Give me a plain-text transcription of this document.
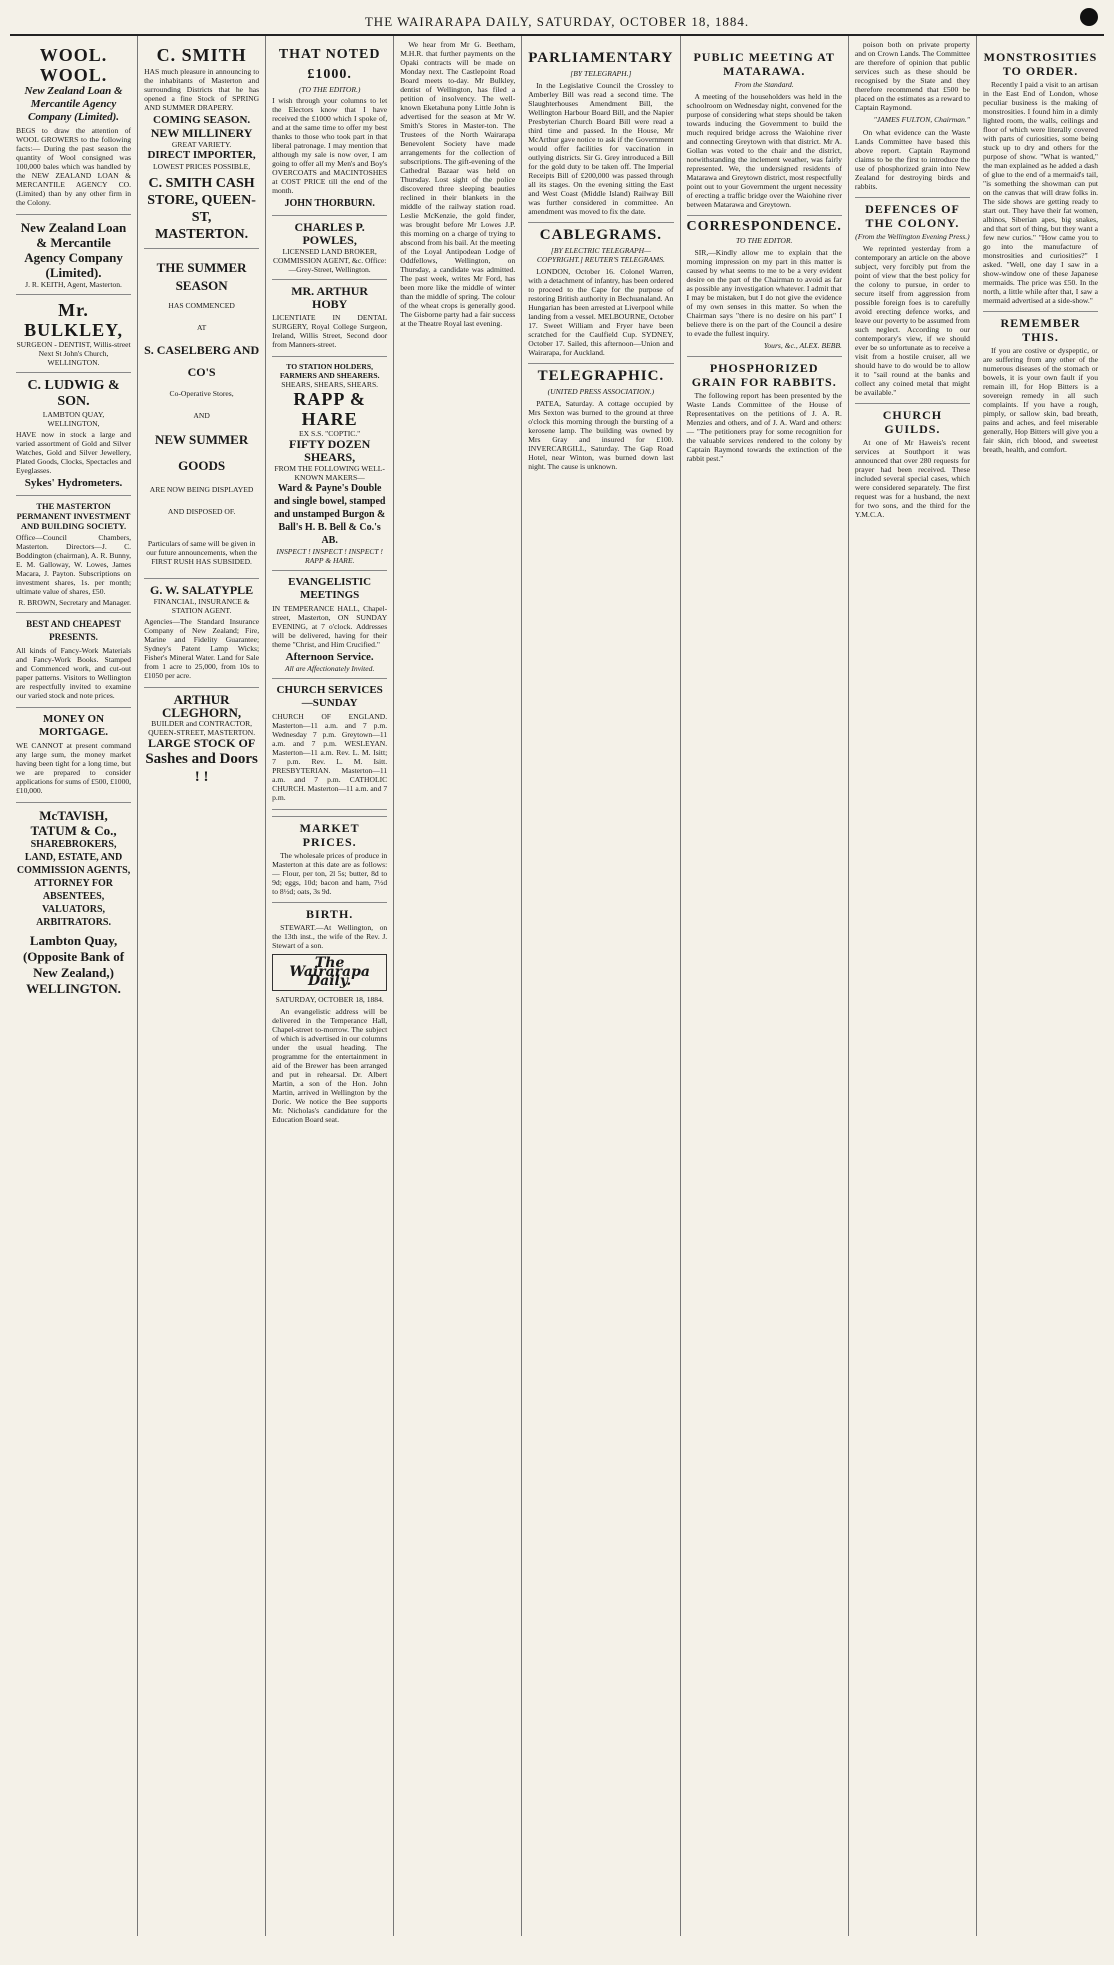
THE WAIRARAPA DAILY, SATURDAY, OCTOBER 18, 1884.
WOOL. WOOL.
New Zealand Loan & Mercantile Agency Company (Limited).

BEGS to draw the attention of WOOL GROWERS to the following facts:— During the past season the quantity of Wool consigned was 100,000 bales which was handled by the NEW ZEALAND LOAN & MERCANTILE AGENCY CO. (Limited) than by any other firm in the Colony.

New Zealand Loan & Mercantile Agency Company (Limited).
J. R. KEITH, Agent, Masterton.
Mr. BULKLEY,
SURGEON - DENTIST, Willis-street Next St John's Church, WELLINGTON.
C. LUDWIG & SON.
LAMBTON QUAY, WELLINGTON,

HAVE now in stock a large and varied assortment of Gold and Silver Watches, Gold and Silver Jewellery, Plated Goods, Clocks, Spectacles and Eyeglasses.

Sykes' Hydrometers.
THE MASTERTON PERMANENT INVESTMENT AND BUILDING SOCIETY.

Office—Council Chambers, Masterton. Directors—J. C. Boddington (chairman), A. R. Bunny, E. M. Galloway, W. Lowes, James Macara, J. Payton. Subscriptions on investment shares, 1s. per month; ultimate value of shares, £50.

R. BROWN, Secretary and Manager.
BEST AND CHEAPEST PRESENTS.

All kinds of Fancy-Work Materials and Fancy-Work Books. Stamped and Commenced work, and cut-out paper patterns. Visitors to Wellington are respectfully invited to examine our varied stock and note prices.

MONEY ON MORTGAGE.

WE CANNOT at present command any large sum, the money market having been tight for a long time, but we are prepared to consider applications for sums of £500, £1000, £10,000.

McTAVISH, TATUM & Co.,
SHAREBROKERS, LAND, ESTATE, AND COMMISSION AGENTS, ATTORNEY FOR ABSENTEES, VALUATORS, ARBITRATORS.
Lambton Quay, (Opposite Bank of New Zealand,) WELLINGTON.
C. SMITH

HAS much pleasure in announcing to the inhabitants of Masterton and surrounding Districts that he has opened a fine Stock of SPRING AND SUMMER DRAPERY.

COMING SEASON.
NEW MILLINERY
GREAT VARIETY.
DIRECT IMPORTER,
LOWEST PRICES POSSIBLE,
C. SMITH CASH STORE, QUEEN-ST, MASTERTON.
THE SUMMER SEASON
HAS COMMENCED
AT
S. CASELBERG AND CO'S
Co-Operative Stores,
AND
NEW SUMMER GOODS
ARE NOW BEING DISPLAYED AND DISPOSED OF.

Particulars of same will be given in our future announcements, when the FIRST RUSH HAS SUBSIDED.

G. W. SALATYPLE
FINANCIAL, INSURANCE & STATION AGENT.

Agencies—The Standard Insurance Company of New Zealand; Fire, Marine and Fidelity Guarantee; Sydney's Patent Lamp Wicks; Fisher's Mineral Water. Land for Sale from 1 acre to 25,000, from 10s to £1050 per acre.

ARTHUR CLEGHORN,
BUILDER and CONTRACTOR, QUEEN-STREET, MASTERTON.
LARGE STOCK OF
Sashes and Doors ! !
THAT NOTED £1000.
(TO THE EDITOR.)

I wish through your columns to let the Electors know that I have received the £1000 which I spoke of, and at the same time to offer my best thanks to those who took part in that liberal patronage. I may mention that although my sale is now over, I am going to offer all my Men's and Boy's OVERCOATS and MACINTOSHES at COST PRICE till the end of the month.

JOHN THORBURN.
CHARLES P. POWLES,
LICENSED LAND BROKER, COMMISSION AGENT, &c. Office:—Grey-Street, Wellington.
MR. ARTHUR HOBY

LICENTIATE IN DENTAL SURGERY, Royal College Surgeon, Ireland, Willis Street, Second door from Manners-street.

TO STATION HOLDERS, FARMERS AND SHEARERS.
SHEARS, SHEARS, SHEARS.
RAPP & HARE
EX S.S. "COPTIC."
FIFTY DOZEN SHEARS,
FROM THE FOLLOWING WELL-KNOWN MAKERS—
Ward & Payne's Double and single bowel, stamped and unstamped Burgon & Ball's H. B. Bell & Co.'s AB.
INSPECT ! INSPECT ! INSPECT ! RAPP & HARE.
EVANGELISTIC MEETINGS

IN TEMPERANCE HALL, Chapel-street, Masterton, ON SUNDAY EVENING, at 7 o'clock. Addresses will be delivered, having for their theme "Christ, and Him Crucified."

Afternoon Service.
All are Affectionately Invited.
CHURCH SERVICES—SUNDAY

CHURCH OF ENGLAND. Masterton—11 a.m. and 7 p.m. Wednesday 7 p.m. Greytown—11 a.m. and 7 p.m. WESLEYAN. Masterton—11 a.m. Rev. L. M. Isitt; 7 p.m. Rev. L. M. Isitt. PRESBYTERIAN. Masterton—11 a.m. and 7 p.m. CATHOLIC CHURCH. Masterton—11 a.m. and 7 p.m.

MARKET PRICES.

The wholesale prices of produce in Masterton at this date are as follows:— Flour, per ton, 2l 5s; butter, 8d to 9d; eggs, 10d; bacon and ham, 7½d to 8½d; oats, 3s 9d.

BIRTH.

STEWART.—At Wellington, on the 13th inst., the wife of the Rev. J. Stewart of a son.

The Wairarapa Daily.
SATURDAY, OCTOBER 18, 1884.

An evangelistic address will be delivered in the Temperance Hall, Chapel-street to-morrow. The subject of which is advertised in our columns under the usual heading. The programme for the entertainment in aid of the Brewer has been arranged and put in rehearsal. Dr. Albert Martin, a son of the Hon. John Martin, arrived in Wellington by the Doric. We notice the Bee supports Mr. Nicholas's candidature for the Education Board seat.

We hear from Mr G. Beetham, M.H.R. that further payments on the Opaki contracts will be made on Monday next. The Castlepoint Road Board meets to-day. Mr Bulkley, dentist of Wellington, has filed a petition of insolvency. The well-known Eketahuna pony Little John is advertised for the season at Mr W. Smith's Stores in Master-ton. The Trustees of the North Wairarapa Benevolent Society have made arrangements for the collection of subscriptions. The gift-evening of the Cathedral Bazaar was held on Thursday. Lost sight of the police discovered three sleeping beauties reclined in their blankets in the middle of the railway station road. Leslie McKenzie, the gold finder, was brought before Mr Lowes J.P. this morning on a charge of trying to abscond from his bail. At the meeting of the Loyal Antipodean Lodge of Oddfellows, Wellington, on Thursday, a candidate was admitted. The past week, writes Mr Ford, has been more like the middle of winter than the middle of spring. The colour of the wheat crops is generally good. The Gisborne party had a fair success at the Theatre Royal last evening.

PARLIAMENTARY
[BY TELEGRAPH.]

In the Legislative Council the Crossley to Amberley Bill was read a second time. The Slaughterhouses Amendment Bill, the Wellington Harbour Board Bill, and the Napier Presbyterian Church Board Bill were read a third time and passed. In the House, Mr McArthur gave notice to ask if the Government would offer facilities for vaccination in outlying districts. Sir G. Grey introduced a Bill for the gold duty to be taken off. The Imperial Receipts Bill of £200,000 was passed through all its stages. On the evening sitting the East and West Coast (Middle Island) Railway Bill was further considered in committee. An amendment was moved to fix the date.

CABLEGRAMS.
[BY ELECTRIC TELEGRAPH—COPYRIGHT.] REUTER'S TELEGRAMS.

LONDON, October 16. Colonel Warren, with a detachment of infantry, has been ordered to proceed to the Cape for the purpose of restoring British authority in Bechuanaland. An Hungarian has been arrested at Liverpool while landing from a vessel. MELBOURNE, October 17. Sweet William and Fryer have been scratched for the Caulfield Cup. SYDNEY, October 17. Sailed, this afternoon—Union and Wairarapa, for Auckland.

TELEGRAPHIC.
(UNITED PRESS ASSOCIATION.)

PATEA, Saturday. A cottage occupied by Mrs Sexton was burned to the ground at three o'clock this morning through the bursting of a kerosene lamp. The building was owned by Mrs Gray and insured for £100. INVERCARGILL, Saturday. The Gap Road Hotel, near Winton, was burned down last night. The cause is unknown.

PUBLIC MEETING AT MATARAWA.
From the Standard.

A meeting of the householders was held in the schoolroom on Wednesday night, convened for the purpose of considering what steps should be taken towards inducing the Government to build the much required bridge across the Waiohine river and connecting Greytown with that district. Mr A. Gollan was voted to the chair and the district, notwithstanding the inclement weather, was fairly represented. We, the undersigned residents of Matarawa and Greytown district, most respectfully point out to your Government the urgent necessity of erecting a traffic bridge over the Waiohine river between Matarawa and Greytown.

CORRESPONDENCE.
TO THE EDITOR.

SIR,—Kindly allow me to explain that the morning impression on my part in this matter is caused by what seems to me to be a very evident desire on the part of the Chairman to avoid as far as possible any investigation whatever. I admit that I may be mistaken, but I do not give the evidence of my own senses in this matter. So when the Chairman says "there is no desire on his part" I believe there is on the part of the Council a desire to evade the fullest inquiry.

Yours, &c., ALEX. BEBB.
PHOSPHORIZED GRAIN FOR RABBITS.

The following report has been presented by the Waste Lands Committee of the House of Representatives on the petitions of J. A. R. Menzies and others, and of J. A. Ward and others:— "The petitioners pray for some recognition for the valuable services rendered to the colony by Captain Raymond towards the extinction of the rabbit pest."

poison both on private property and on Crown Lands. The Committee are therefore of opinion that public services such as these should be recognised by the State and they therefore recommend that £500 be placed on the estimates as a reward to Captain Raymond.

"JAMES FULTON, Chairman."

On what evidence can the Waste Lands Committee have based this above report. Captain Raymond claims to be the first to introduce the use of phosphorized grain into New Zealand for destroying birds and rabbits.

DEFENCES OF THE COLONY.
(From the Wellington Evening Press.)

We reprinted yesterday from a contemporary an article on the above subject, very forcibly put from the point of view that the best policy for the colony to pursue, in order to secure itself from aggression from possible foreign foes is to carefully avoid erecting defence works, and leave our poverty to be assumed from such neglect. According to our contemporary's view, if we should ever be so unfortunate as to receive a visit from a hostile cruiser, all we should have to do would be to allow it to "sail round at the banks and collect any coined metal that might be available."

CHURCH GUILDS.

At one of Mr Haweis's recent services at Southport it was announced that over 280 requests for prayer had been received. These included several special cases, which were considered separately. The first request was for a husband, the next for two sons, and the third for the Y.M.C.A.

MONSTROSITIES TO ORDER.

Recently I paid a visit to an artisan in the East End of London, whose peculiar business is the making of monstrosities. I found him in a dimly lighted room, the walls, ceilings and floor of which were literally covered with parts of curiosities, some being stuck up to dry and others for the purpose of show. "What is wanted," the man explained as he added a dash of glue to the end of a mermaid's tail, "is something the showman can put on the canvas that will draw folks in. The side shows are getting ready to start out. They have their fat women, albinos, Siberian apes, big snakes, and that sort of thing, but they want a few new curios." "How came you to go into the manufacture of monstrosities and curiosities?" I asked. "Well, one day I saw in a show-window one of these Japanese mermaids. The price was £50. In the north, a little while after that, I saw a mermaid advertised at a side-show."

REMEMBER THIS.

If you are costive or dyspeptic, or are suffering from any other of the numerous diseases of the stomach or bowels, it is your own fault if you remain ill, for Hop Bitters is a sovereign remedy in all such complaints. If you have a rough, pimply, or sallow skin, bad breath, pains and aches, and feel miserable generally, Hop Bitters will give you a fair skin, rich blood, and sweetest breath, health, and comfort.
